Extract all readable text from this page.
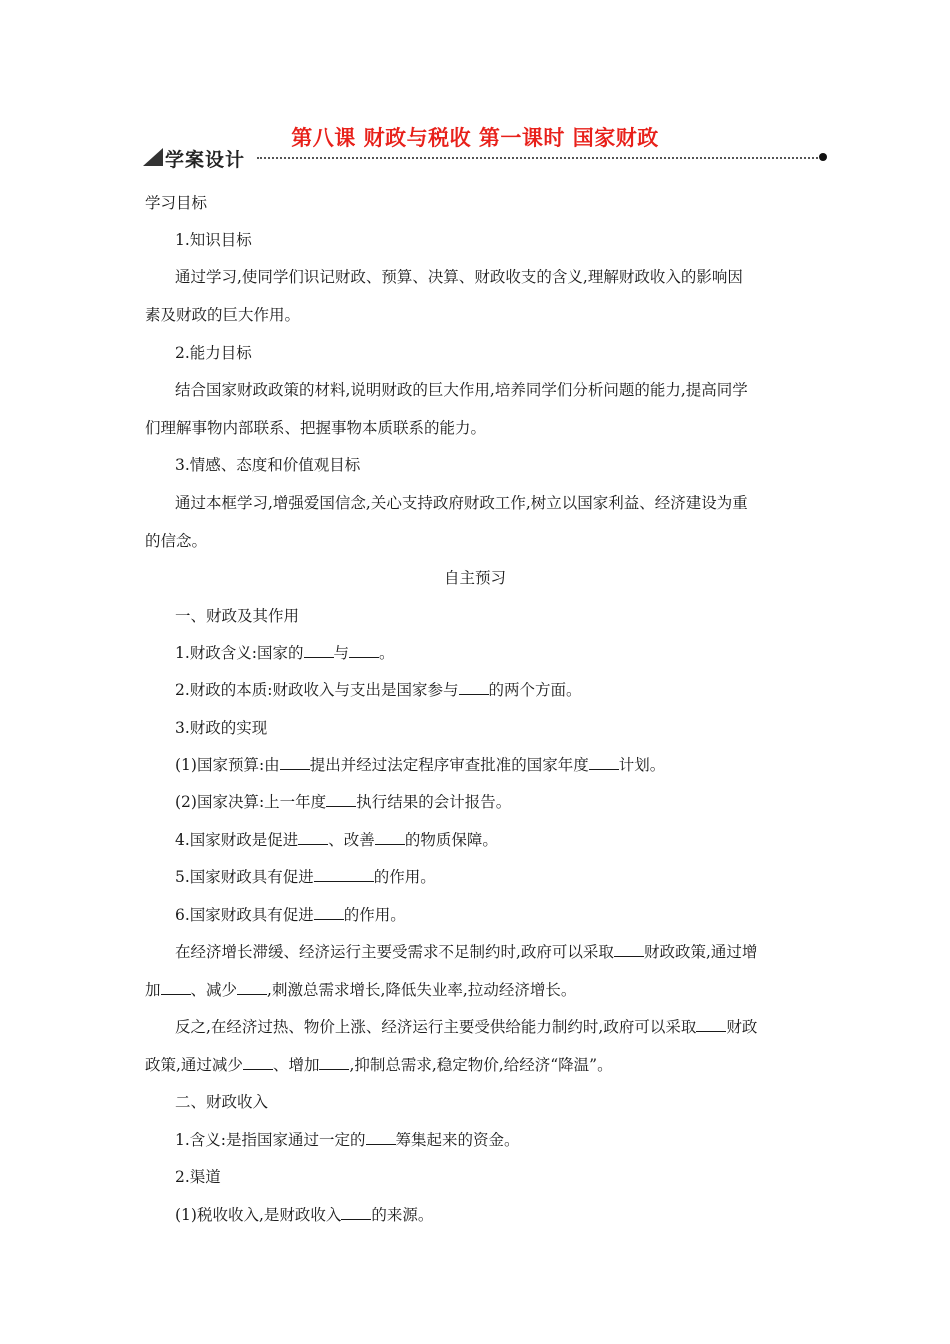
第八课 财政与税收 第一课时 国家财政
学案设计
学习目标
1.知识目标
通过学习,使同学们识记财政、预算、决算、财政收支的含义,理解财政收入的影响因
素及财政的巨大作用。
2.能力目标
结合国家财政政策的材料,说明财政的巨大作用,培养同学们分析问题的能力,提高同学
们理解事物内部联系、把握事物本质联系的能力。
3.情感、态度和价值观目标
通过本框学习,增强爱国信念,关心支持政府财政工作,树立以国家利益、经济建设为重
的信念。
自主预习
一、财政及其作用
1.财政含义:国家的 与 。
2.财政的本质:财政收入与支出是国家参与 的两个方面。
3.财政的实现
(1)国家预算:由 提出并经过法定程序审查批准的国家年度 计划。
(2)国家决算:上一年度 执行结果的会计报告。
4.国家财政是促进 、改善 的物质保障。
5.国家财政具有促进	的作用。
6.国家财政具有促进 的作用。
在经济增长滞缓、经济运行主要受需求不足制约时,政府可以采取 财政政策,通过增
加 、减少 ,刺激总需求增长,降低失业率,拉动经济增长。
反之,在经济过热、物价上涨、经济运行主要受供给能力制约时,政府可以采取 财政
政策,通过减少 、增加 ,抑制总需求,稳定物价,给经济“降温”。
二、财政收入
1.含义:是指国家通过一定的 筹集起来的资金。
2.渠道
(1)税收收入,是财政收入 的来源。
